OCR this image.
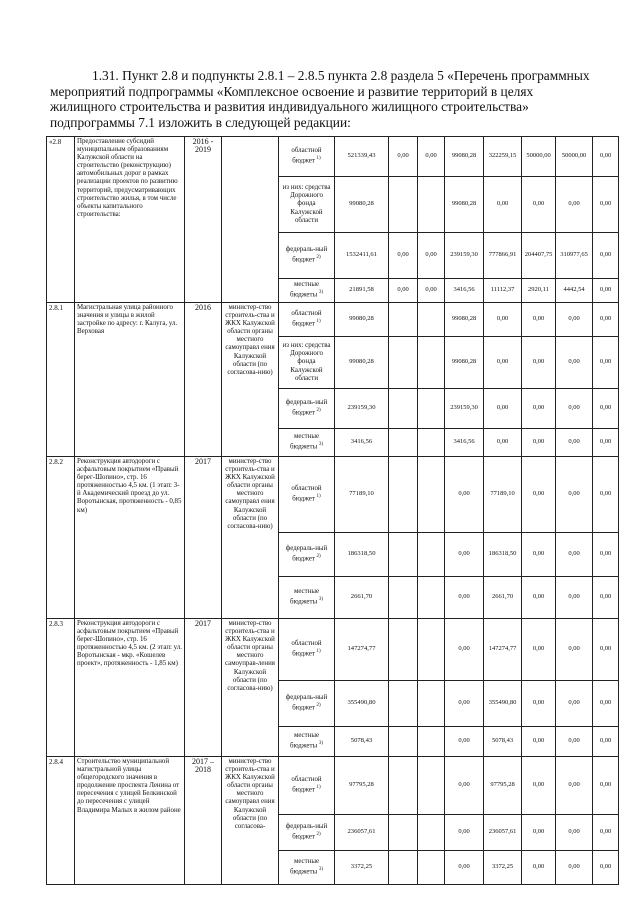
1.31. Пункт 2.8 и подпункты 2.8.1 – 2.8.5 пункта 2.8 раздела 5 «Перечень программных

мероприятий подпрограммы «Комплексное освоение и развитие территорий в целях

жилищного строительства и развития индивидуального жилищного строительства»

подпрограммы 7.1 изложить в следующей редакции:

«2.8	Предоставление субсидий муниципальным образованиям Калужской области на строительство (реконструкцию) автомобильных дорог в рамках реализации проектов по развитию территорий, предусматривающих строительство жилья, в том числе объекты капитального строительства:	2016 - 2019		областной бюджет $^{1)}$	521339,43	0,00	0,00	99080,28	322259,15	50000,00	50000,00	0,00
				из них: средства Дорожного фонда Калужской области	99080,28			99080,28	0,00	0,00	0,00	0,00
				федераль-ный бюджет $^{2)}$	1532411,61	0,00	0,00	239159,30	777866,91	204407,75	310977,65	0,00
				местные бюджеты $^{3)}$	21891,58	0,00	0,00	3416,56	11112,37	2920,11	4442,54	0,00
2.8.1	Магистральная улица районного значения и улицы в жилой застройке по адресу: г. Калуга, ул. Верховая	2016	министер-ство строитель-ства и ЖКХ Калужской области органы местного самоуправл ения Калужской области (по согласова-нию)	областной бюджет $^{1)}$	99080,28			99080,28	0,00	0,00	0,00	0,00
				из них: средства Дорожного фонда Калужской области	99080,28			99080,28	0,00	0,00	0,00	0,00
				федераль-ный бюджет $^{2)}$	239159,30			239159,30	0,00	0,00	0,00	0,00
				местные бюджеты $^{3)}$	3416,56			3416,56	0,00	0,00	0,00	0,00
2.8.2	Реконструкция автодороги с асфальтовым покрытием «Правый берег-Шопино», стр. 16 протяженностью 4,5 км. (1 этап: 3-й Академический проезд до ул. Воротынская, протяженность - 0,85 км)	2017	министер-ство строитель-ства и ЖКХ Калужской области органы местного самоуправл ения Калужской области (по согласова-нию)	областной бюджет $^{1)}$	77189,10			0,00	77189,10	0,00	0,00	0,00
				федераль-ный бюджет $^{2)}$	186318,50			0,00	186318,50	0,00	0,00	0,00
				местные бюджеты $^{3)}$	2661,70			0,00	2661,70	0,00	0,00	0,00
2.8.3	Реконструкция автодороги с асфальтовым покрытием «Правый берег-Шопино», стр. 16 протяженностью 4,5 км. (2 этап: ул. Воротынская - мкр. «Кошелев проект», протяженность - 1,85 км)	2017	министер-ство строитель-ства и ЖКХ Калужской области органы местного самоуправ-ления Калужской области (по согласова-нию)	областной бюджет $^{1)}$	147274,77			0,00	147274,77	0,00	0,00	0,00
				федераль-ный бюджет $^{2)}$	355490,80			0,00	355490,80	0,00	0,00	0,00
				местные бюджеты $^{3)}$	5078,43			0,00	5078,43	0,00	0,00	0,00
2.8.4	Строительство муниципальной магистральной улицы общегородского значения в продолжение проспекта Ленина от пересечения с улицей Белкинской до пересечения с улицей Владимира Малых в жилом районе	2017 – 2018	министер-ство строитель-ства и ЖКХ Калужской области органы местного самоуправл ения Калужской области (по согласова-	областной бюджет $^{1)}$	97795,28			0,00	97795,28	0,00	0,00	0,00
				федераль-ный бюджет $^{2)}$	236057,61			0,00	236057,61	0,00	0,00	0,00
				местные бюджеты $^{3)}$	3372,25			0,00	3372,25	0,00	0,00	0,00
